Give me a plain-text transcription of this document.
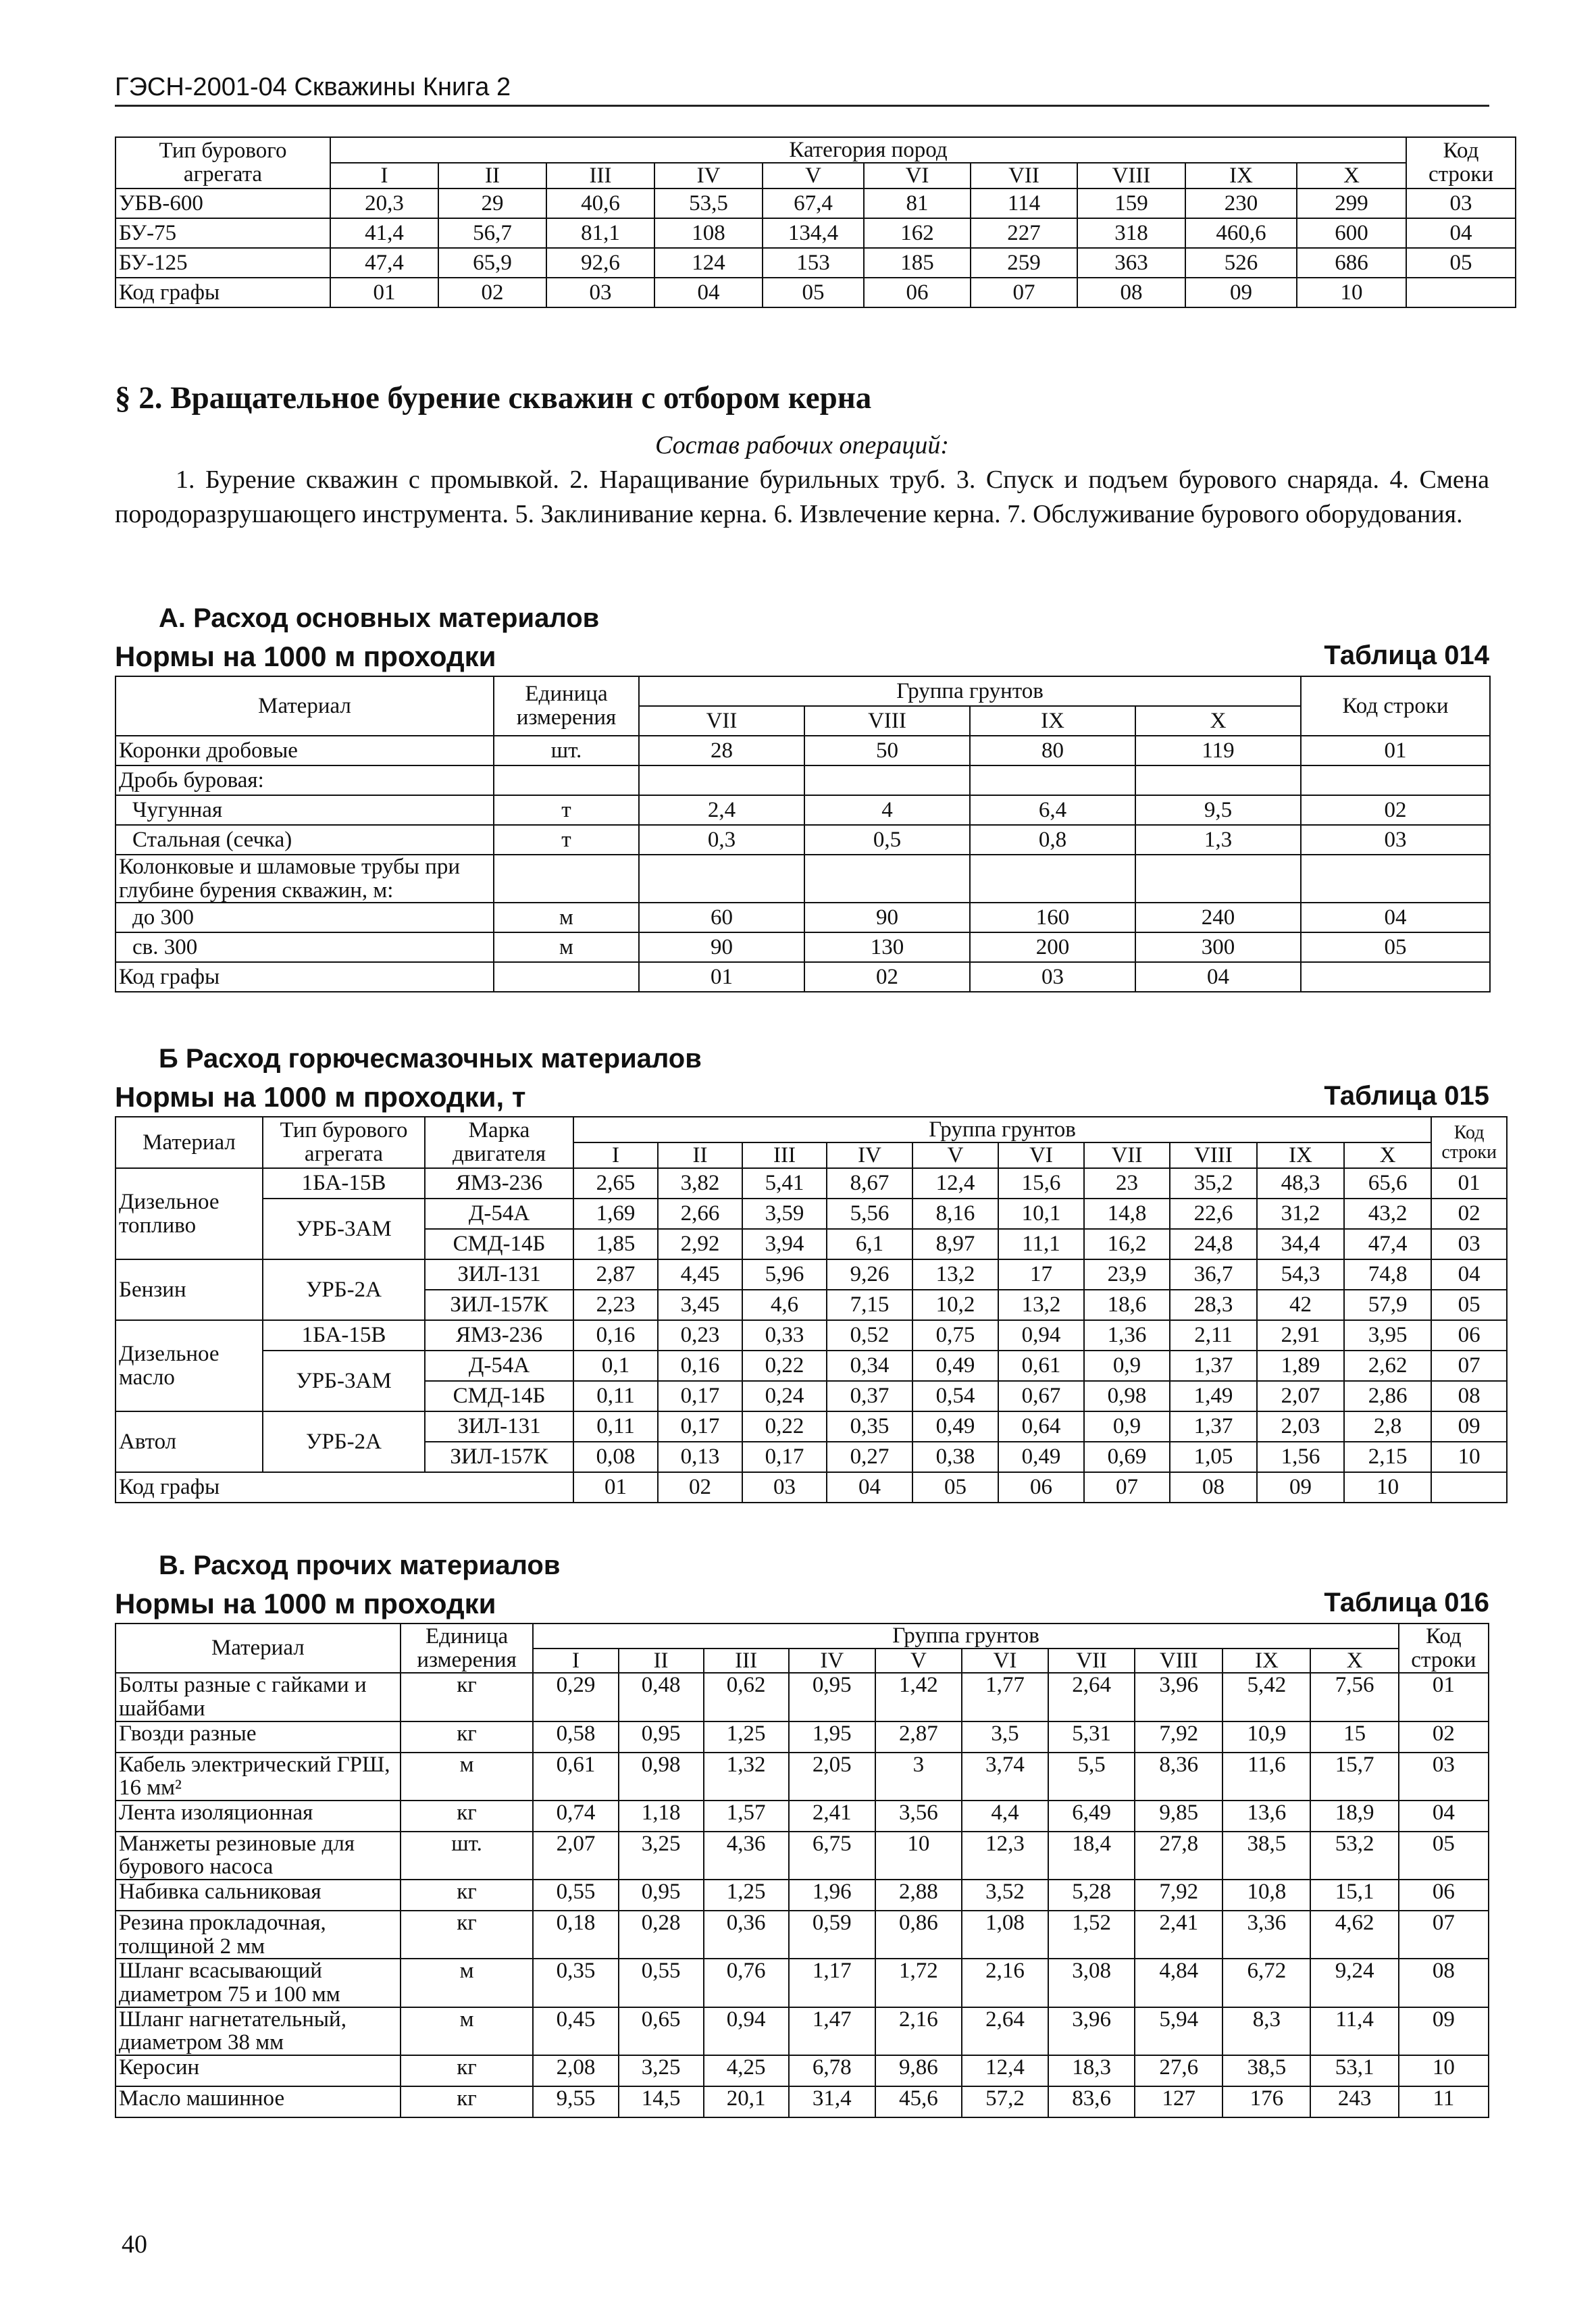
ГЭСН-2001-04 Скважины Книга 2
Тип бурового агрегата	Категория пород										Код строки
	I	II	III	IV	V	VI	VII	VIII	IX	X	
УБВ-600	20,3	29	40,6	53,5	67,4	81	114	159	230	299	03
БУ-75	41,4	56,7	81,1	108	134,4	162	227	318	460,6	600	04
БУ-125	47,4	65,9	92,6	124	153	185	259	363	526	686	05
Код графы	01	02	03	04	05	06	07	08	09	10	
§ 2. Вращательное бурение скважин с отбором керна
Состав рабочих операций:

1. Бурение скважин с промывкой. 2. Наращивание бурильных труб. 3. Спуск и подъем бурового снаряда. 4. Смена породоразрушающего инструмента. 5. Заклинивание керна. 6. Извлечение керна. 7. Обслуживание бурового оборудования.

А. Расход основных материалов
Нормы на 1000 м проходки	Таблица 014
Материал	Единица измерения	Группа грунтов				Код строки
		VII	VIII	IX	X	
Коронки дробовые	шт.	28	50	80	119	01
Дробь буровая:						
Чугунная	т	2,4	4	6,4	9,5	02
Стальная (сечка)	т	0,3	0,5	0,8	1,3	03
Колонковые и шламовые трубы при глубине бурения скважин, м:						
до 300	м	60	90	160	240	04
св. 300	м	90	130	200	300	05
Код графы		01	02	03	04	
Б Расход горючесмазочных материалов
Нормы на 1000 м проходки, т	Таблица 015
Материал	Тип бурового агрегата	Марка двигателя	Группа грунтов										Код строки
			I	II	III	IV	V	VI	VII	VIII	IX	X	
Дизельное топливо	1БА-15В	ЯМЗ-236	2,65	3,82	5,41	8,67	12,4	15,6	23	35,2	48,3	65,6	01
	УРБ-3АМ	Д-54А	1,69	2,66	3,59	5,56	8,16	10,1	14,8	22,6	31,2	43,2	02
		СМД-14Б	1,85	2,92	3,94	6,1	8,97	11,1	16,2	24,8	34,4	47,4	03
Бензин	УРБ-2А	ЗИЛ-131	2,87	4,45	5,96	9,26	13,2	17	23,9	36,7	54,3	74,8	04
		ЗИЛ-157К	2,23	3,45	4,6	7,15	10,2	13,2	18,6	28,3	42	57,9	05
Дизельное масло	1БА-15В	ЯМЗ-236	0,16	0,23	0,33	0,52	0,75	0,94	1,36	2,11	2,91	3,95	06
	УРБ-3АМ	Д-54А	0,1	0,16	0,22	0,34	0,49	0,61	0,9	1,37	1,89	2,62	07
		СМД-14Б	0,11	0,17	0,24	0,37	0,54	0,67	0,98	1,49	2,07	2,86	08
Автол	УРБ-2А	ЗИЛ-131	0,11	0,17	0,22	0,35	0,49	0,64	0,9	1,37	2,03	2,8	09
		ЗИЛ-157К	0,08	0,13	0,17	0,27	0,38	0,49	0,69	1,05	1,56	2,15	10
Код графы			01	02	03	04	05	06	07	08	09	10	
В. Расход прочих материалов
Нормы на 1000 м проходки	Таблица 016
Материал	Единица измерения	Группа грунтов										Код строки
		I	II	III	IV	V	VI	VII	VIII	IX	X	
Болты разные с гайками и шайбами	кг	0,29	0,48	0,62	0,95	1,42	1,77	2,64	3,96	5,42	7,56	01
Гвозди разные	кг	0,58	0,95	1,25	1,95	2,87	3,5	5,31	7,92	10,9	15	02
Кабель электрический ГРШ, 16 мм²	м	0,61	0,98	1,32	2,05	3	3,74	5,5	8,36	11,6	15,7	03
Лента изоляционная	кг	0,74	1,18	1,57	2,41	3,56	4,4	6,49	9,85	13,6	18,9	04
Манжеты резиновые для бурового насоса	шт.	2,07	3,25	4,36	6,75	10	12,3	18,4	27,8	38,5	53,2	05
Набивка сальниковая	кг	0,55	0,95	1,25	1,96	2,88	3,52	5,28	7,92	10,8	15,1	06
Резина прокладочная, толщиной 2 мм	кг	0,18	0,28	0,36	0,59	0,86	1,08	1,52	2,41	3,36	4,62	07
Шланг всасывающий диаметром 75 и 100 мм	м	0,35	0,55	0,76	1,17	1,72	2,16	3,08	4,84	6,72	9,24	08
Шланг нагнетательный, диаметром 38 мм	м	0,45	0,65	0,94	1,47	2,16	2,64	3,96	5,94	8,3	11,4	09
Керосин	кг	2,08	3,25	4,25	6,78	9,86	12,4	18,3	27,6	38,5	53,1	10
Масло машинное	кг	9,55	14,5	20,1	31,4	45,6	57,2	83,6	127	176	243	11
40
